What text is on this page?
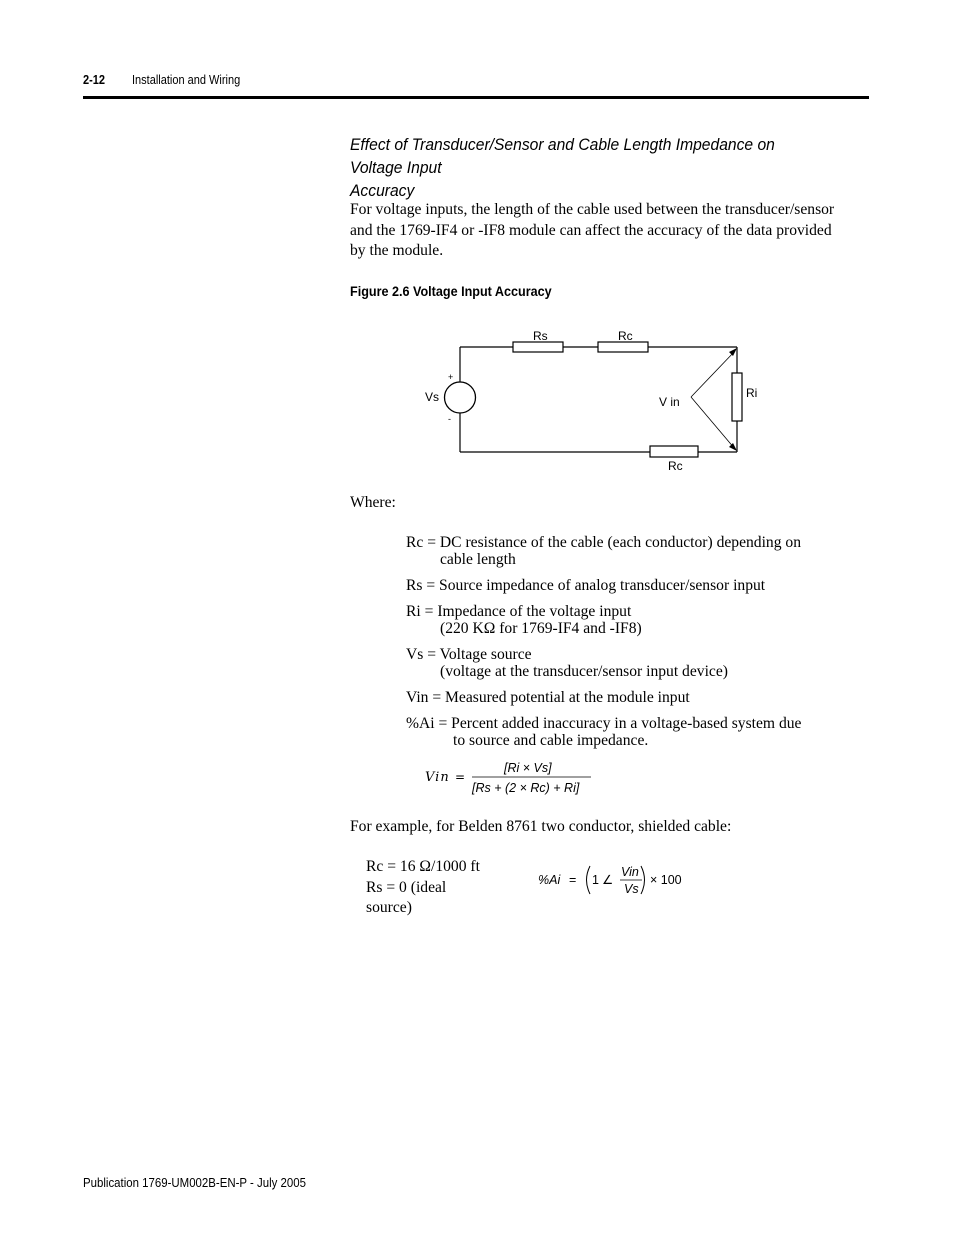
2-12 Installation and Wiring
Effect of Transducer/Sensor and Cable Length Impedance on Voltage Input
Accuracy
For voltage inputs, the length of the cable used between the transducer/sensor
and the 1769-IF4 or -IF8 module can affect the accuracy of the data provided
by the module.
Figure 2.6 Voltage Input Accuracy
Rs	Rc
Rc
Ri
Vs	V in
+
-
Where:
Rc = DC resistance of the cable (each conductor) depending on
cable length
Rs = Source impedance of analog transducer/sensor input
Ri = Impedance of the voltage input
(220 KΩ for 1769-IF4 and -IF8)
Vs = Voltage source
(voltage at the transducer/sensor input device)
Vin = Measured potential at the module input
%Ai = Percent added inaccuracy in a voltage-based system due
to source and cable impedance.
Vin =
[Ri × Vs]
[Rs + (2 × Rc) + Ri]
For example, for Belden 8761 two conductor, shielded cable:
Rc = 16 Ω/1000 ft
Rs = 0 (ideal
source)
%Ai = 1 ∠
Vin
Vs
× 100
Publication 1769-UM002B-EN-P - July 2005
